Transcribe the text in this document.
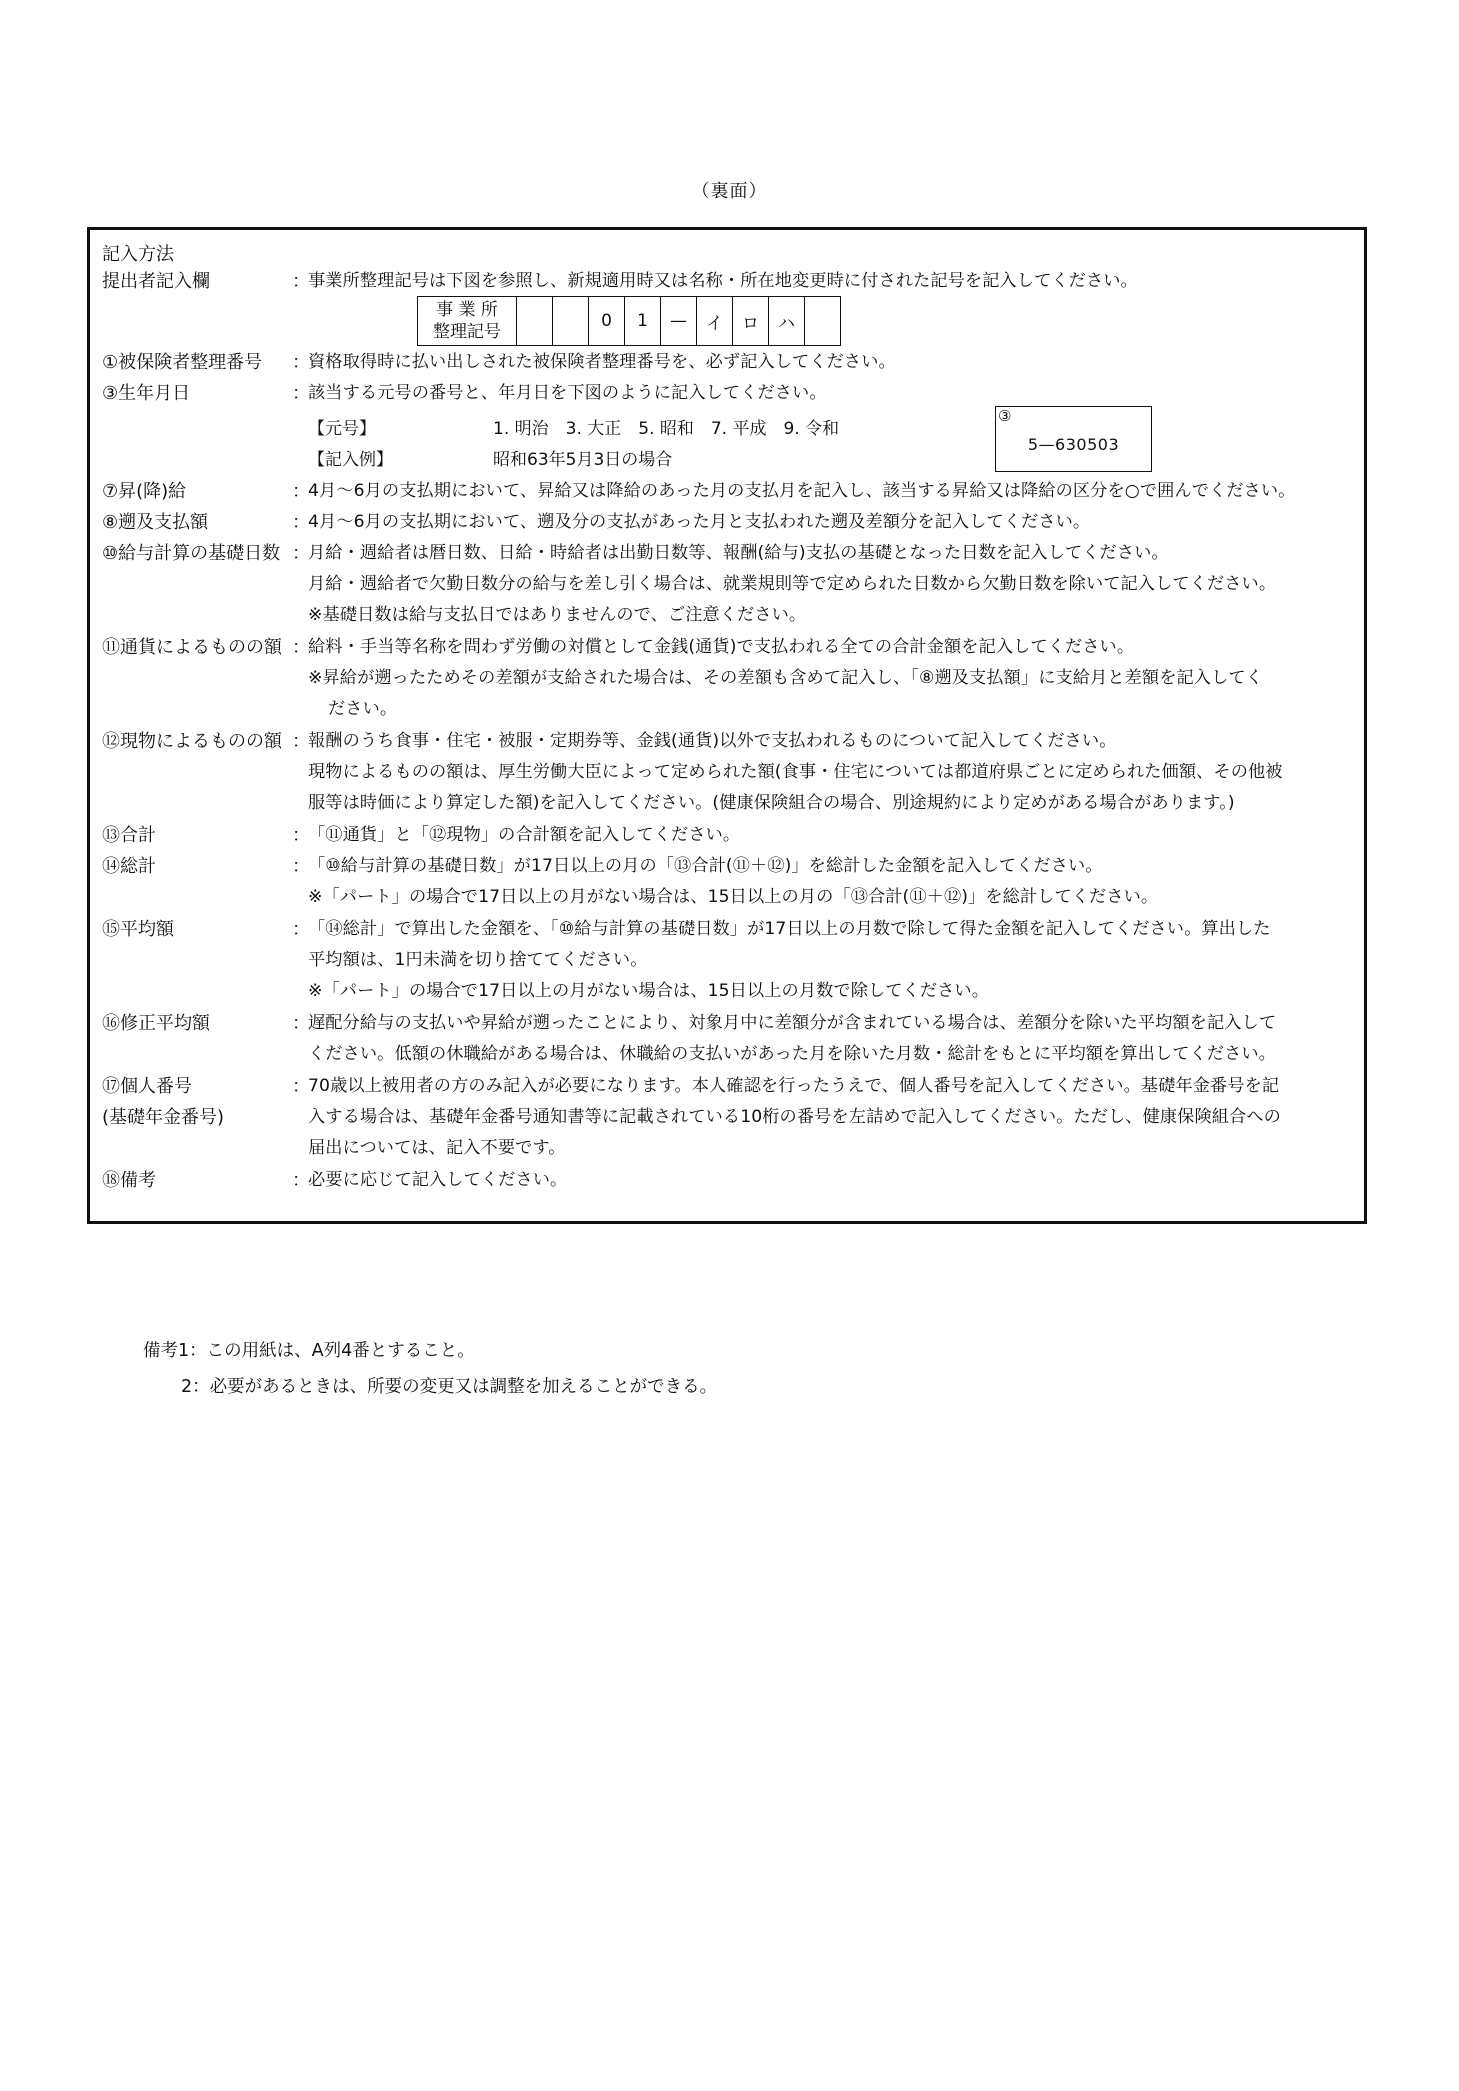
（裏面）
記入方法
提出者記入欄	：
事業所整理記号は下図を参照し、新規適用時又は名称・所在地変更時に付された記号を記入してください。
事 業 所
整理記号
			0	1	—	イ	ロ	ハ	
①被保険者整理番号	：
資格取得時に払い出しされた被保険者整理番号を、必ず記入してください。
③生年月日	：
該当する元号の番号と、年月日を下図のように記入してください。
【元号】	1. 明治　3. 大正　5. 昭和　7. 平成　9. 令和
【記入例】	昭和63年5月3日の場合
③
5—630503
⑦昇(降)給	：
4月～6月の支払期において、昇給又は降給のあった月の支払月を記入し、該当する昇給又は降給の区分を○で囲んでください。
⑧遡及支払額	：
4月～6月の支払期において、遡及分の支払があった月と支払われた遡及差額分を記入してください。
⑩給与計算の基礎日数 ：
月給・週給者は暦日数、日給・時給者は出勤日数等、報酬(給与)支払の基礎となった日数を記入してください。
月給・週給者で欠勤日数分の給与を差し引く場合は、就業規則等で定められた日数から欠勤日数を除いて記入してください。
※基礎日数は給与支払日ではありませんので、ご注意ください。
⑪通貨によるものの額 ：
給料・手当等名称を問わず労働の対償として金銭(通貨)で支払われる全ての合計金額を記入してください。
※昇給が遡ったためその差額が支給された場合は、その差額も含めて記入し、「⑧遡及支払額」に支給月と差額を記入してく
ださい。
⑫現物によるものの額 ：
報酬のうち食事・住宅・被服・定期券等、金銭(通貨)以外で支払われるものについて記入してください。
現物によるものの額は、厚生労働大臣によって定められた額(食事・住宅については都道府県ごとに定められた価額、その他被
服等は時価により算定した額)を記入してください。(健康保険組合の場合、別途規約により定めがある場合があります。)
⑬合計	：
「⑪通貨」と「⑫現物」の合計額を記入してください。
⑭総計	：
「⑩給与計算の基礎日数」が17日以上の月の「⑬合計(⑪＋⑫)」を総計した金額を記入してください。
※「パート」の場合で17日以上の月がない場合は、15日以上の月の「⑬合計(⑪＋⑫)」を総計してください。
⑮平均額	：
「⑭総計」で算出した金額を、「⑩給与計算の基礎日数」が17日以上の月数で除して得た金額を記入してください。算出した
平均額は、1円未満を切り捨ててください。
※「パート」の場合で17日以上の月がない場合は、15日以上の月数で除してください。
⑯修正平均額	：
遅配分給与の支払いや昇給が遡ったことにより、対象月中に差額分が含まれている場合は、差額分を除いた平均額を記入して
ください。低額の休職給がある場合は、休職給の支払いがあった月を除いた月数・総計をもとに平均額を算出してください。
⑰個人番号
(基礎年金番号)
：
70歳以上被用者の方のみ記入が必要になります。本人確認を行ったうえで、個人番号を記入してください。基礎年金番号を記
入する場合は、基礎年金番号通知書等に記載されている10桁の番号を左詰めで記入してください。ただし、健康保険組合への
届出については、記入不要です。
⑱備考	：
必要に応じて記入してください。
備考1：この用紙は、A列4番とすること。
2：必要があるときは、所要の変更又は調整を加えることができる。
